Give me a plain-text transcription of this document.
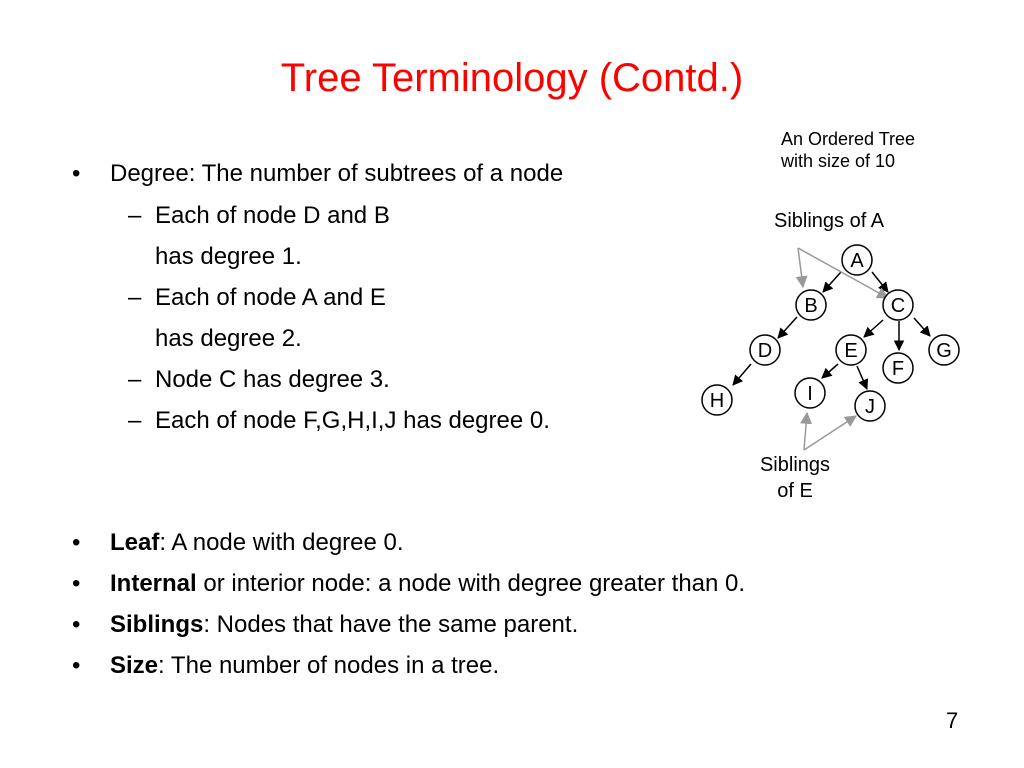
Tree Terminology (Contd.)
• Degree: The number of subtrees of a node
– Each of node D and B
has degree 1.
– Each of node A and E
has degree 2.
– Node C has degree 3.
– Each of node F,G,H,I,J has degree 0.
• Leaf: A node with degree 0.
• Internal or interior node: a node with degree greater than 0.
• Siblings: Nodes that have the same parent.
• Size: The number of nodes in a tree.
An Ordered Tree
with size of 10
Siblings of A
Siblings
of E
A
B	C
D	E
F
G
H	I
J
7
